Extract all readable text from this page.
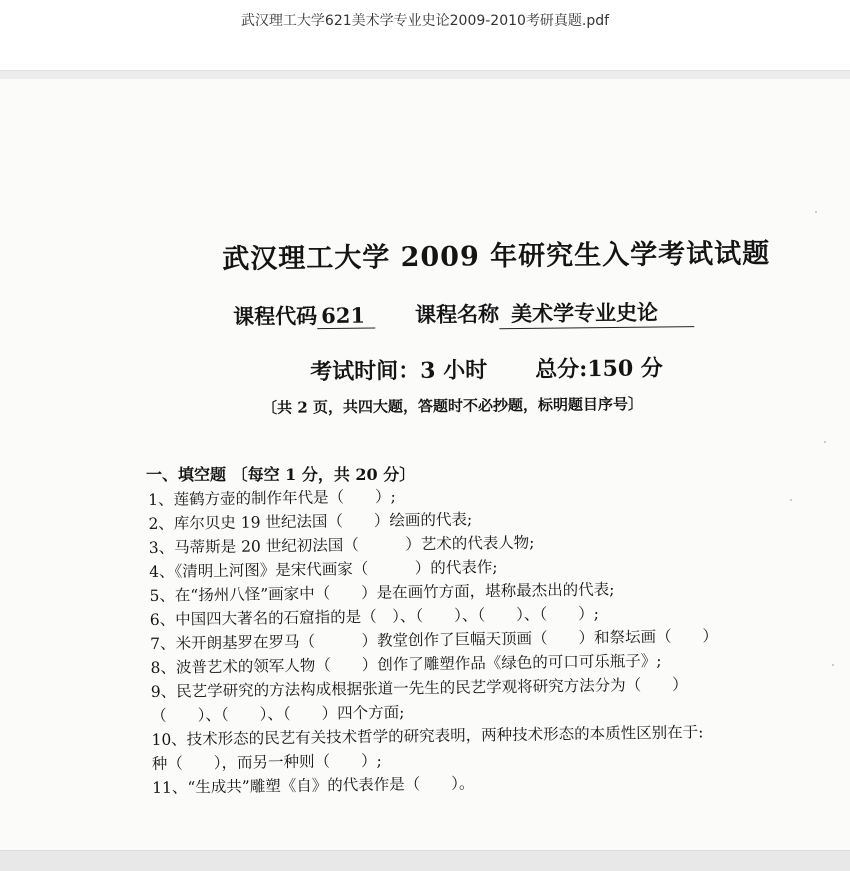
武汉理工大学621美术学专业史论2009-2010考研真题.pdf
武汉理工大学 2009 年研究生入学考试试题
课程代码 621 课程名称 美术学专业史论
考试时间：3 小时 总分:150 分
〔共 2 页，共四大题，答题时不必抄题，标明题目序号〕
一、填空题 〔每空 1 分，共 20 分〕
1、莲鹤方壶的制作年代是（　　）;
2、库尔贝史 19 世纪法国（　　）绘画的代表;
3、马蒂斯是 20 世纪初法国（　　　）艺术的代表人物;
4、《清明上河图》是宋代画家（　　　）的代表作;
5、在“扬州八怪”画家中（　　）是在画竹方面，堪称最杰出的代表;
6、中国四大著名的石窟指的是（　）、（　　）、（　　）、（　　）;
7、米开朗基罗在罗马（　　　）教堂创作了巨幅天顶画（　　）和祭坛画（　　）
8、波普艺术的领军人物（　　）创作了雕塑作品《绿色的可口可乐瓶子》;
9、民艺学研究的方法构成根据张道一先生的民艺学观将研究方法分为（　　）
（　　）、（　　）、（　　）四个方面;
10、技术形态的民艺有关技术哲学的研究表明，两种技术形态的本质性区别在于:
种（　　），而另一种则（　　）;
11、“生成共”雕塑《自》的代表作是（　　）。
